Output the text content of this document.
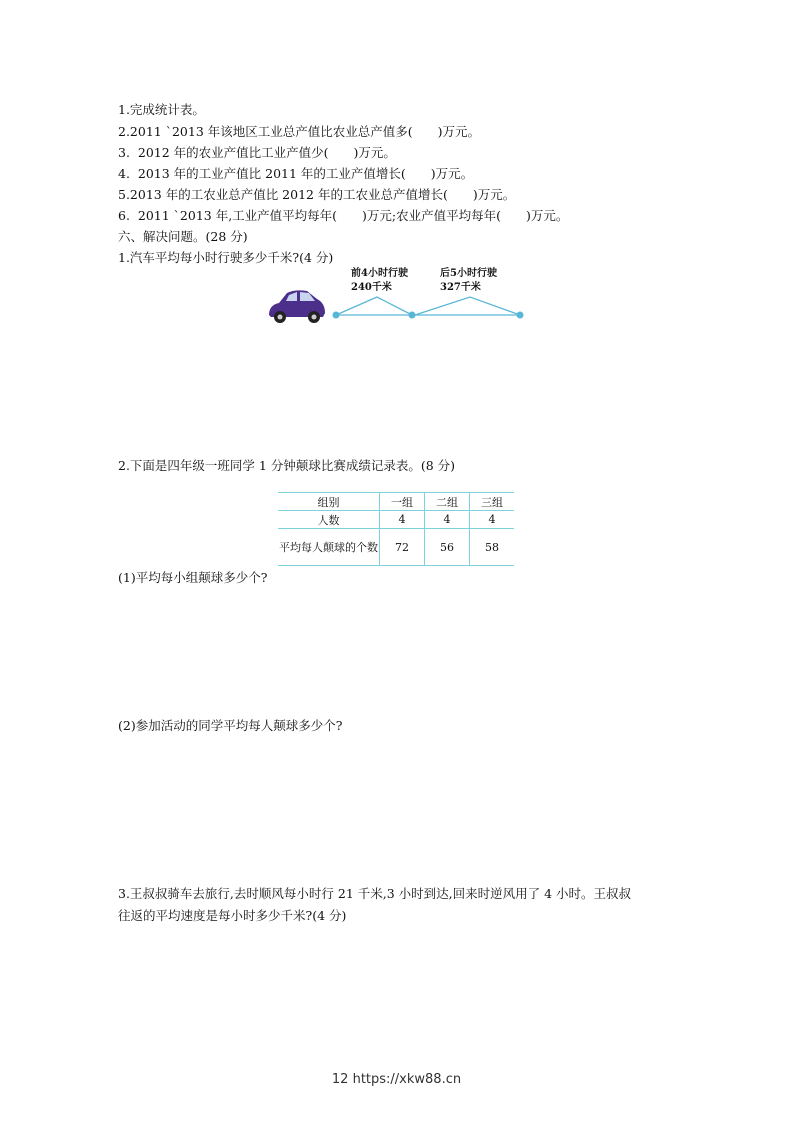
1.完成统计表。
2.2011 ˋ2013 年该地区工业总产值比农业总产值多(　　)万元。
3.  2012 年的农业产值比工业产值少(　　)万元。
4.  2013 年的工业产值比 2011 年的工业产值增长(　　)万元。
5.2013 年的工农业总产值比 2012 年的工农业总产值增长(　　)万元。
6.  2011 ˋ2013 年,工业产值平均每年(　　)万元;农业产值平均每年(　　)万元。
六、解决问题。(28 分)
1.汽车平均每小时行驶多少千米?(4 分)
前4小时行驶
240千米
后5小时行驶
327千米
2.下面是四年级一班同学 1 分钟颠球比赛成绩记录表。(8 分)
组别	一组	二组	三组
人数	4	4	4
平均每人颠球的个数	72	56	58
(1)平均每小组颠球多少个?
(2)参加活动的同学平均每人颠球多少个?
3.王叔叔骑车去旅行,去时顺风每小时行 21 千米,3 小时到达,回来时逆风用了 4 小时。王叔叔
往返的平均速度是每小时多少千米?(4 分)
12 https://xkw88.cn
